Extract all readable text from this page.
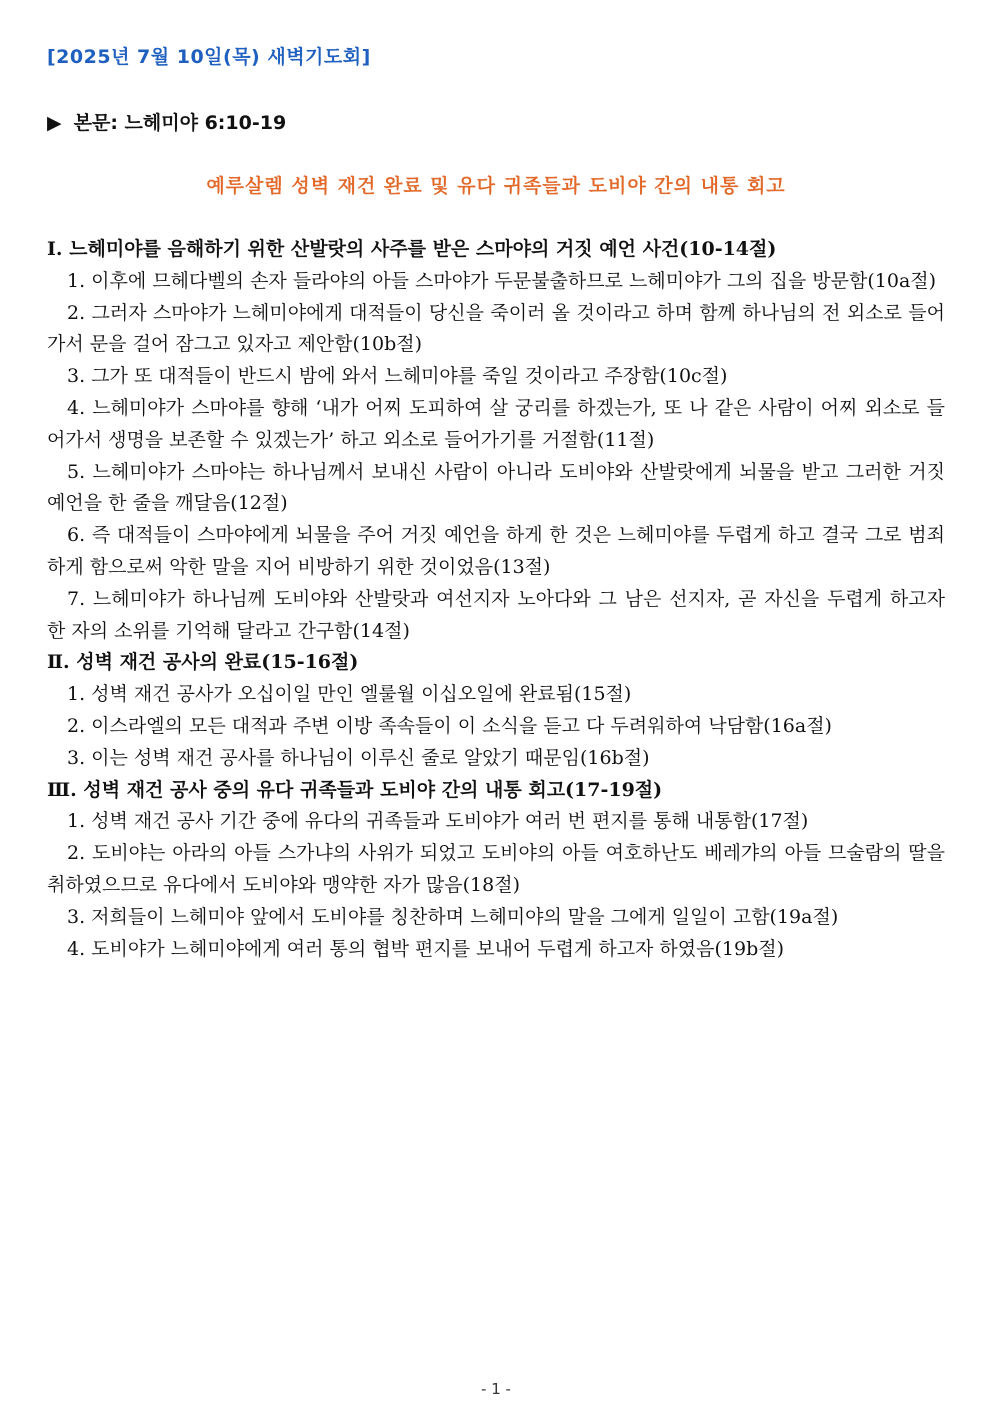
[2025년 7월 10일(목) 새벽기도회]
▶ 본문: 느헤미야 6:10-19
예루살렘 성벽 재건 완료 및 유다 귀족들과 도비야 간의 내통 회고
Ⅰ. 느헤미야를 음해하기 위한 산발랏의 사주를 받은 스마야의 거짓 예언 사건(10-14절)
1. 이후에 므헤다벨의 손자 들라야의 아들 스마야가 두문불출하므로 느헤미야가 그의 집을 방문함(10a절)
2. 그러자 스마야가 느헤미야에게 대적들이 당신을 죽이러 올 것이라고 하며 함께 하나님의 전 외소로 들어가서 문을 걸어 잠그고 있자고 제안함(10b절)
3. 그가 또 대적들이 반드시 밤에 와서 느헤미야를 죽일 것이라고 주장함(10c절)
4. 느헤미야가 스마야를 향해 ‘내가 어찌 도피하여 살 궁리를 하겠는가, 또 나 같은 사람이 어찌 외소로 들어가서 생명을 보존할 수 있겠는가’ 하고 외소로 들어가기를 거절함(11절)
5. 느헤미야가 스마야는 하나님께서 보내신 사람이 아니라 도비야와 산발랏에게 뇌물을 받고 그러한 거짓 예언을 한 줄을 깨달음(12절)
6. 즉 대적들이 스마야에게 뇌물을 주어 거짓 예언을 하게 한 것은 느헤미야를 두렵게 하고 결국 그로 범죄하게 함으로써 악한 말을 지어 비방하기 위한 것이었음(13절)
7. 느헤미야가 하나님께 도비야와 산발랏과 여선지자 노아다와 그 남은 선지자, 곧 자신을 두렵게 하고자 한 자의 소위를 기억해 달라고 간구함(14절)
Ⅱ. 성벽 재건 공사의 완료(15-16절)
1. 성벽 재건 공사가 오십이일 만인 엘룰월 이십오일에 완료됨(15절)
2. 이스라엘의 모든 대적과 주변 이방 족속들이 이 소식을 듣고 다 두려워하여 낙담함(16a절)
3. 이는 성벽 재건 공사를 하나님이 이루신 줄로 알았기 때문임(16b절)
Ⅲ. 성벽 재건 공사 중의 유다 귀족들과 도비야 간의 내통 회고(17-19절)
1. 성벽 재건 공사 기간 중에 유다의 귀족들과 도비야가 여러 번 편지를 통해 내통함(17절)
2. 도비야는 아라의 아들 스가냐의 사위가 되었고 도비야의 아들 여호하난도 베레갸의 아들 므술람의 딸을 취하였으므로 유다에서 도비야와 맹약한 자가 많음(18절)
3. 저희들이 느헤미야 앞에서 도비야를 칭찬하며 느헤미야의 말을 그에게 일일이 고함(19a절)
4. 도비야가 느헤미야에게 여러 통의 협박 편지를 보내어 두렵게 하고자 하였음(19b절)
- 1 -
